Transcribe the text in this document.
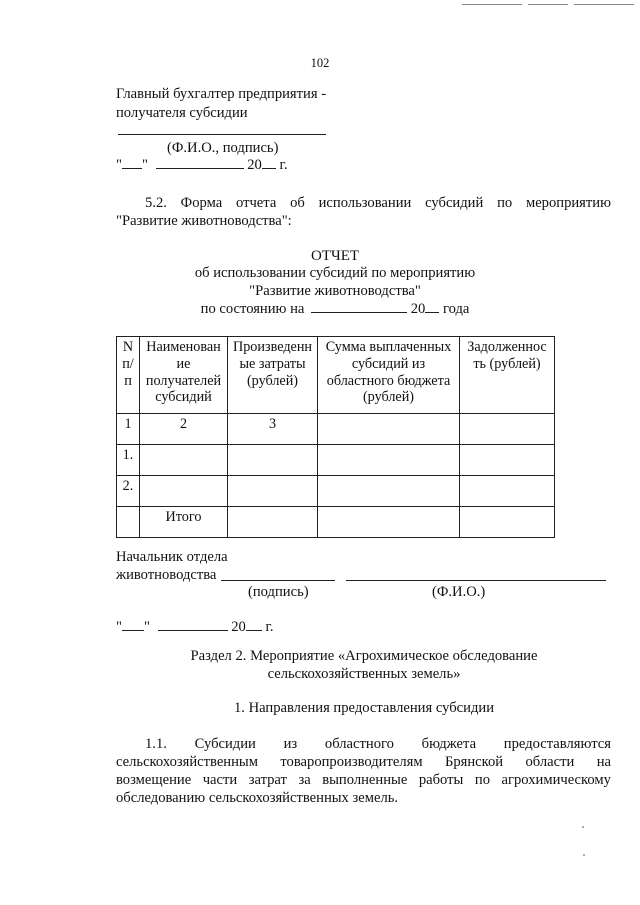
102
Главный бухгалтер предприятия -
получателя субсидии
(Ф.И.О., подпись)
" "	20 г.
5.2. Форма отчета об использовании субсидий по мероприятию
"Развитие животноводства":
ОТЧЕТ
об использовании субсидий по мероприятию
"Развитие животноводства"
по состоянию на	20 года
N п/ п	Наименован ие получателей субсидий	Произведенн ые затраты (рублей)	Сумма выплаченных субсидий из областного бюджета (рублей)	Задолженнос ть (рублей)
1	2	3		
1.				
2.				
	Итого			
Начальник отдела
животноводства
(подпись)	(Ф.И.О.)
" "	20 г.
Раздел 2. Мероприятие «Агрохимическое обследование
сельскохозяйственных земель»
1. Направления предоставления субсидии
1.1. Субсидии из областного бюджета предоставляются
сельскохозяйственным товаропроизводителям Брянской области на
возмещение части затрат за выполненные работы по агрохимическому
обследованию сельскохозяйственных земель.
